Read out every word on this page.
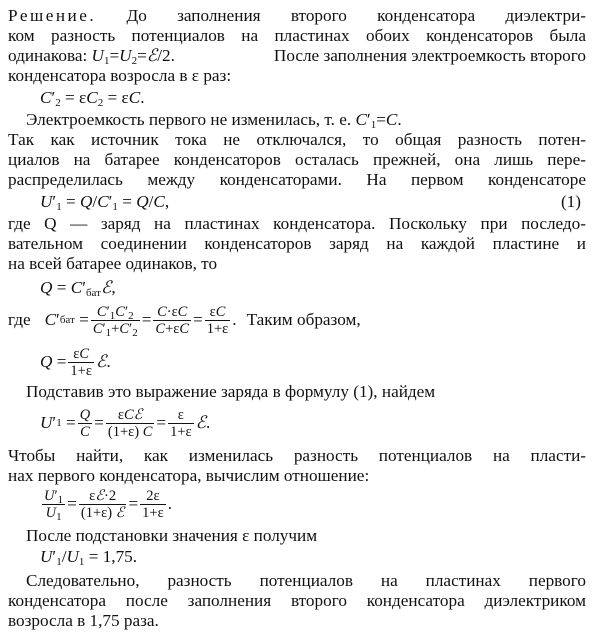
Решение. До заполнения второго конденсатора диэлектри-
ком разность потенциалов на пластинах обоих конденсаторов была
одинакова: $U_1=U_2=ℰ/2$.	После заполнения электроемкость второго
конденсатора возросла в ε раз:
$C'_2 = \varepsilon C_2 = \varepsilon C$.
Электроемкость первого не изменилась, т. е. $C'_1=C$.
Так как источник тока не отключался, то общая разность потен-
циалов на батарее конденсаторов осталась прежней, она лишь пере-
распределилась между конденсаторами. На первом конденсаторе
$U'_1 = Q/C'_1 = Q/C$,	(1)
где Q — заряд на пластинах конденсатора. Поскольку при последо-
вательном соединении конденсаторов заряд на каждой пластине и
на всей батарее одинаков, то
$Q = C'_{бат}ℰ$,
где C ′ бат = $\frac{C'_1C'_2}{C'_1+C'_2} = \frac{C\cdot\varepsilon C}{C+\varepsilon C} = \frac{\varepsilon C}{1+\varepsilon}$ . Таким образом,
$Q = \frac{\varepsilon C}{1+\varepsilon}$ ℰ .
Подставив это выражение заряда в формулу (1), найдем
U ′ $1 = \frac{Q}{C} = \frac{\text{εCℰ}}{(1+\varepsilon) C} = \frac{\varepsilon}{1+\varepsilon}$ ℰ .
Чтобы найти, как изменилась разность потенциалов на пласти-
нах первого конденсатора, вычислим отношение:
$\frac{U'_1}{U_1} = \frac{\text{εℰ·2}}{\text{(1+ε) ℰ}} = \frac{2\varepsilon}{1+\varepsilon}$ .
После подстановки значения ε получим
$U'_1/U_1 = 1,75$.
Следовательно, разность потенциалов на пластинах первого
конденсатора после заполнения второго конденсатора диэлектриком
возросла в 1,75 раза.
